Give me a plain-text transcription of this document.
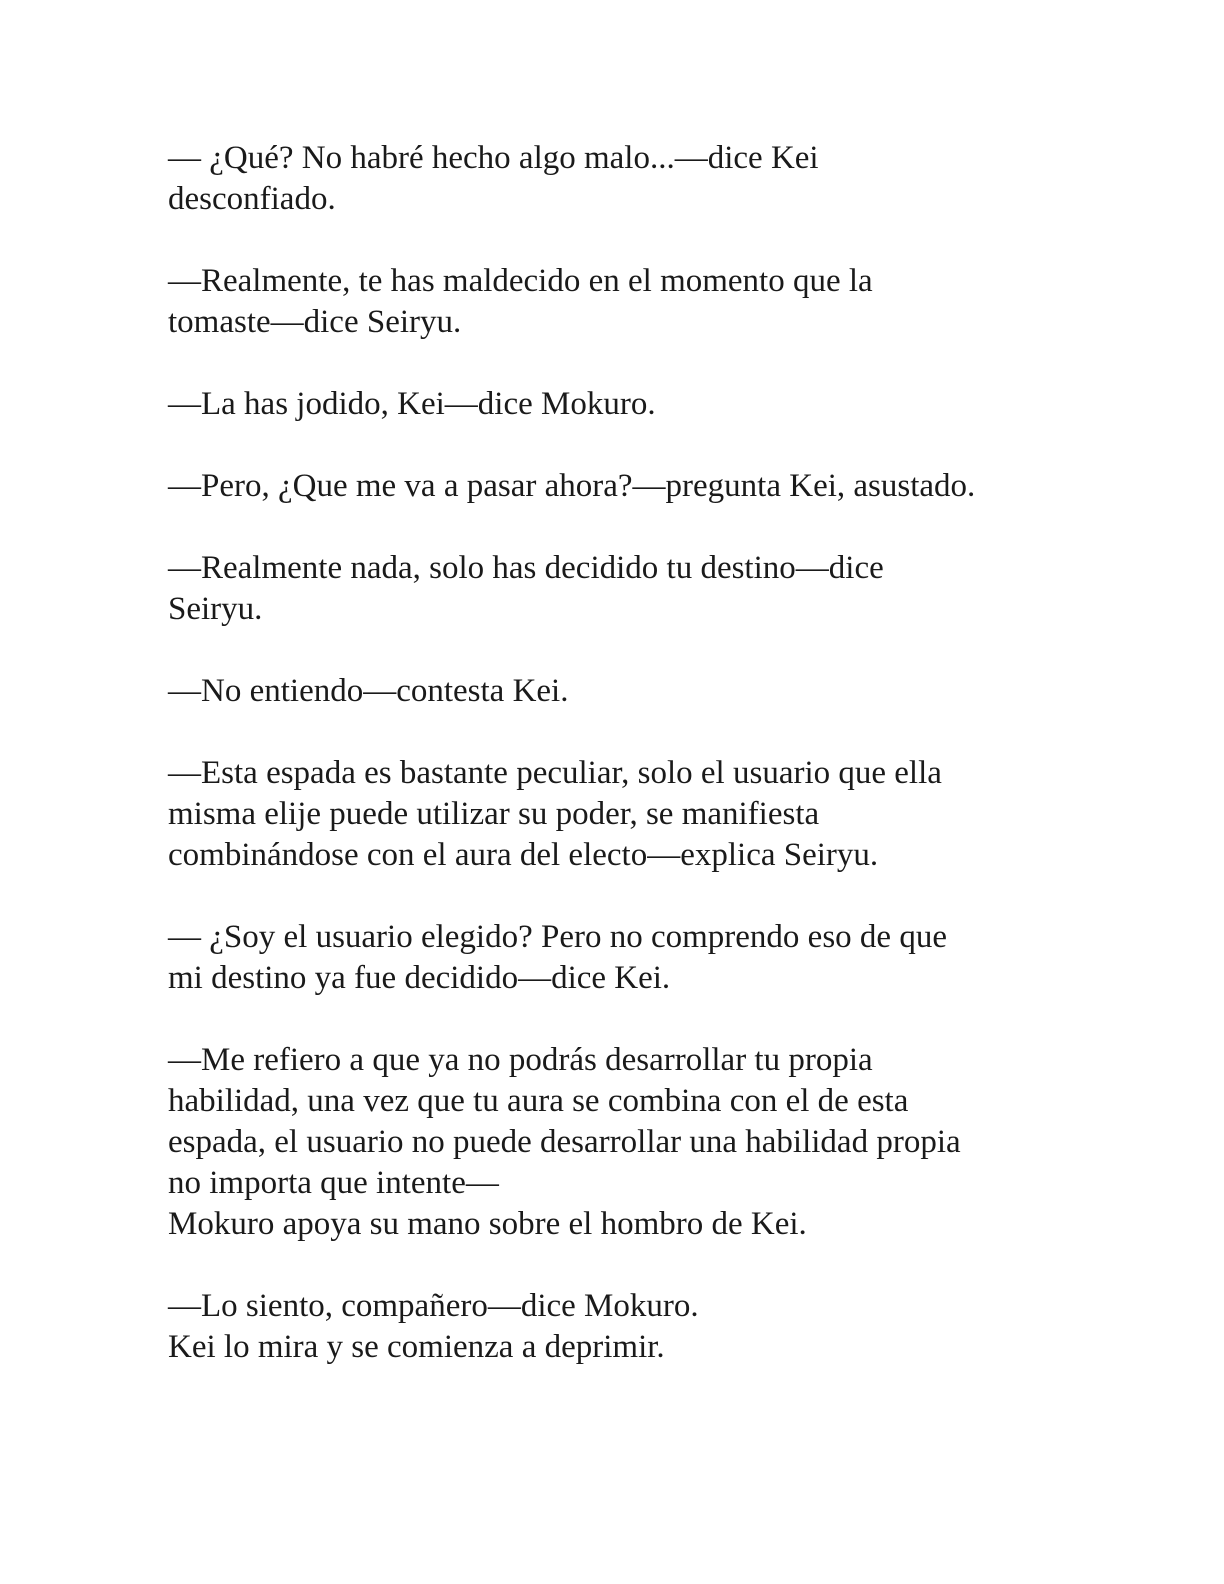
— ¿Qué? No habré hecho algo malo...—dice Kei
desconfiado.

—Realmente, te has maldecido en el momento que la
tomaste—dice Seiryu.

—La has jodido, Kei—dice Mokuro.

—Pero, ¿Que me va a pasar ahora?—pregunta Kei, asustado.

—Realmente nada, solo has decidido tu destino—dice
Seiryu.

—No entiendo—contesta Kei.

—Esta espada es bastante peculiar, solo el usuario que ella
misma elije puede utilizar su poder, se manifiesta
combinándose con el aura del electo—explica Seiryu.

— ¿Soy el usuario elegido? Pero no comprendo eso de que
mi destino ya fue decidido—dice Kei.

—Me refiero a que ya no podrás desarrollar tu propia
habilidad, una vez que tu aura se combina con el de esta
espada, el usuario no puede desarrollar una habilidad propia
no importa que intente—
Mokuro apoya su mano sobre el hombro de Kei.

—Lo siento, compañero—dice Mokuro.
Kei lo mira y se comienza a deprimir.
